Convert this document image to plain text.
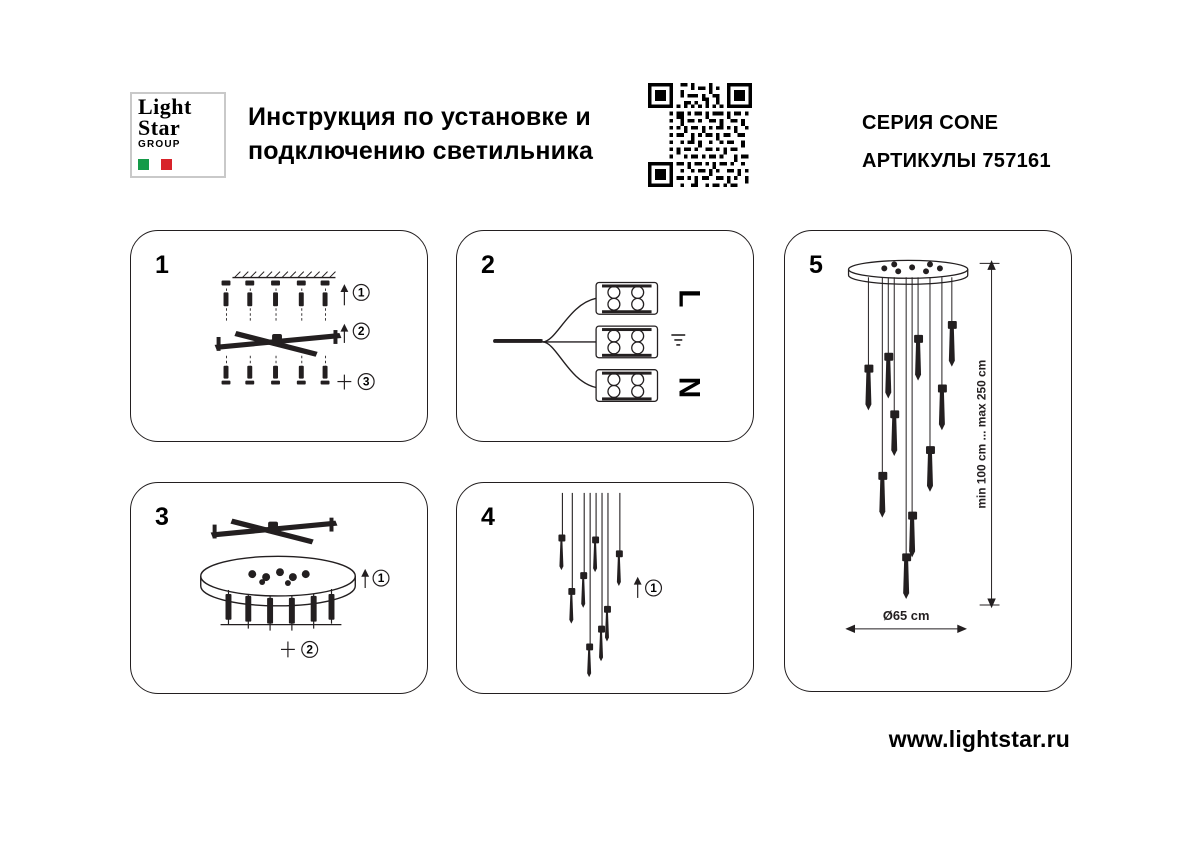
Light
Star
GROUP
Инструкция по установке и
подключению светильника
СЕРИЯ CONE
АРТИКУЛЫ 757161
1
1
2
3
2
L
N
3
1
2
4
1
5
min 100 cm ... max 250 cm
Ø65 cm
www.lightstar.ru
